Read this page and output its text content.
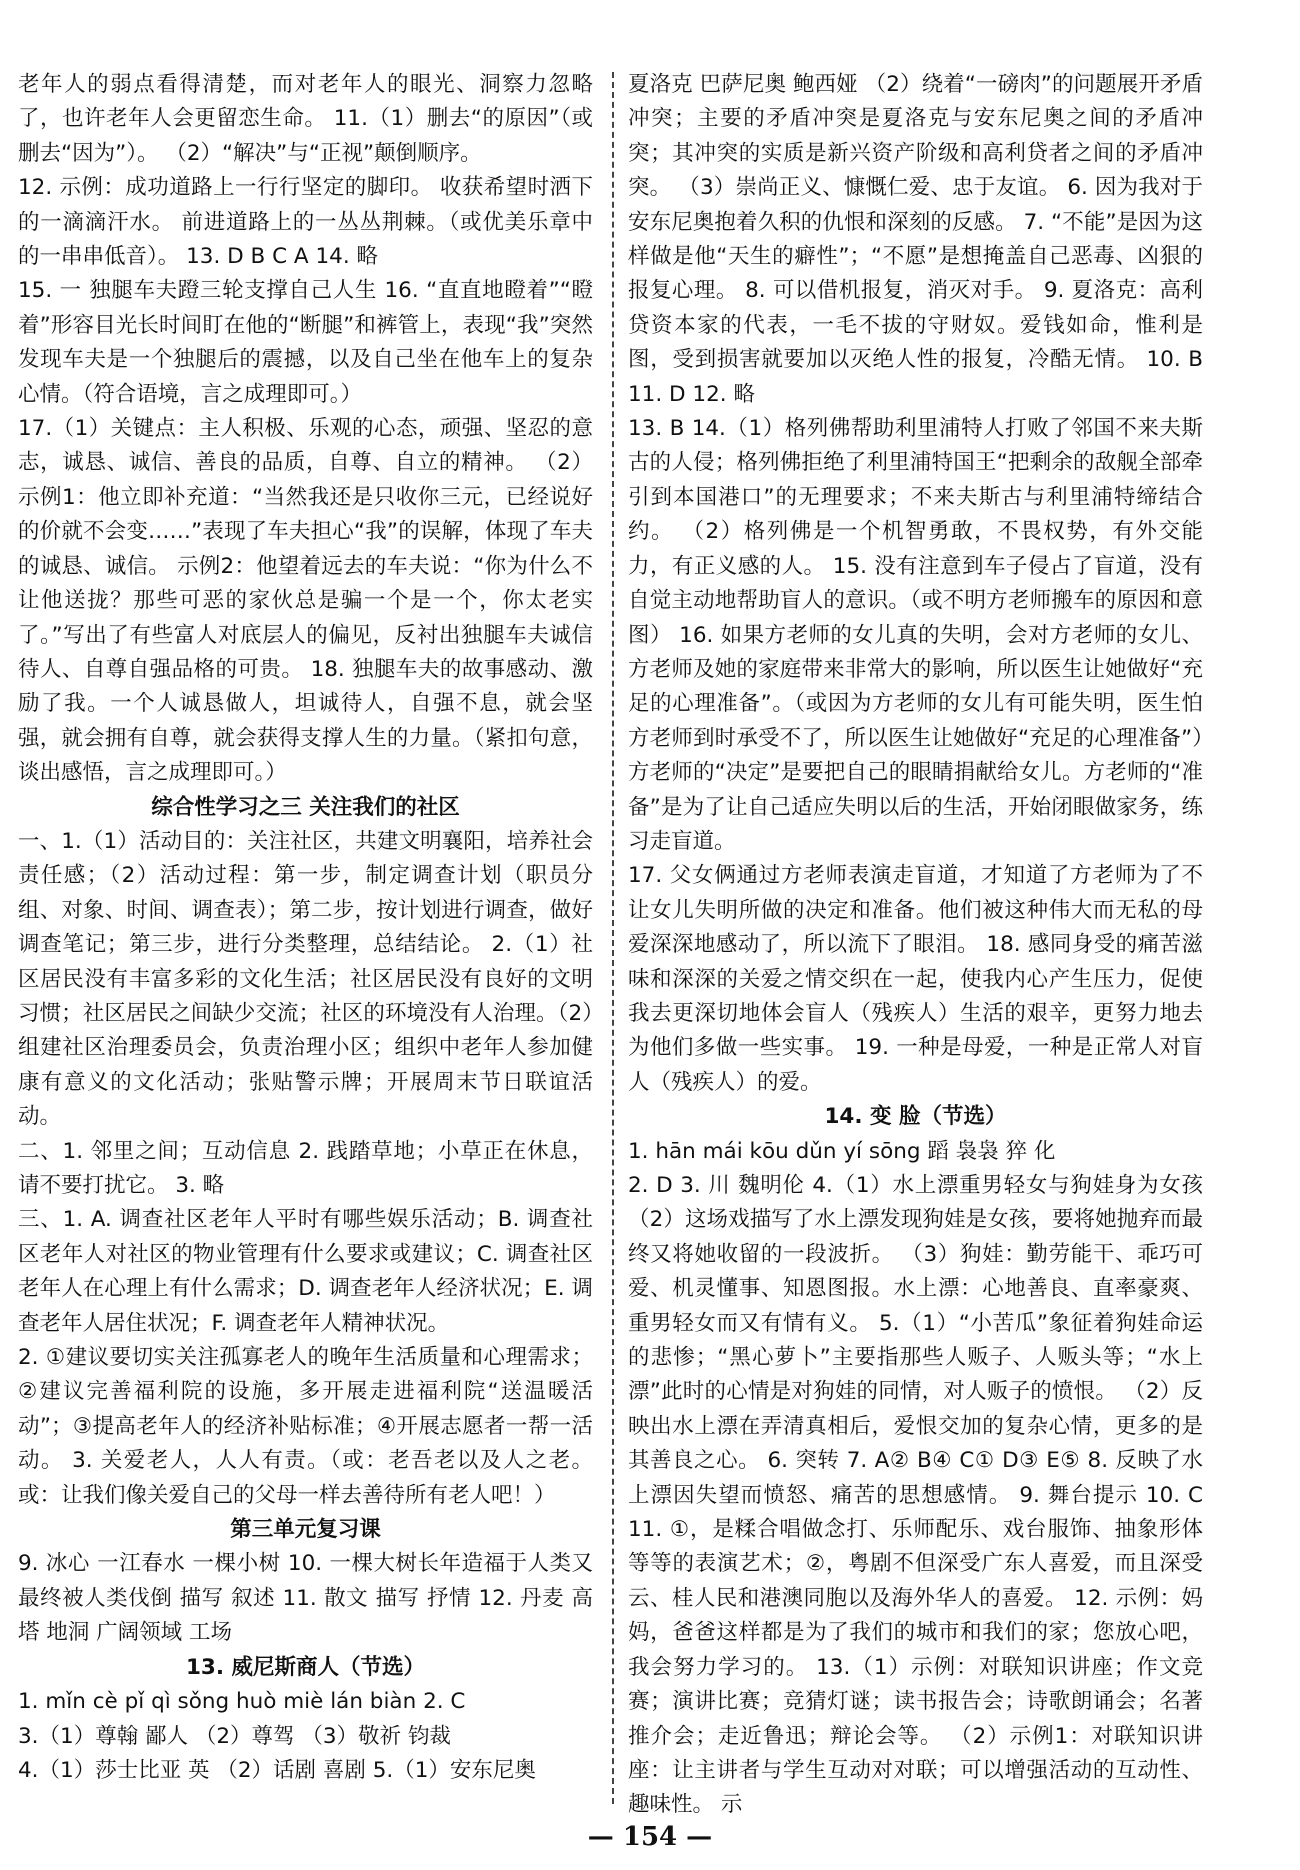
老年人的弱点看得清楚，而对老年人的眼光、洞察力忽略了，也许老年人会更留恋生命。 11.（1）删去“的原因”（或删去“因为”）。 （2）“解决”与“正视”颠倒顺序。

12. 示例：成功道路上一行行坚定的脚印。 收获希望时洒下的一滴滴汗水。 前进道路上的一丛丛荆棘。（或优美乐章中的一串串低音）。 13. D B C A 14. 略

15. 一 独腿车夫蹬三轮支撑自己人生 16. “直直地瞪着”“瞪着”形容目光长时间盯在他的“断腿”和裤管上，表现“我”突然发现车夫是一个独腿后的震撼，以及自己坐在他车上的复杂心情。（符合语境，言之成理即可。）

17.（1）关键点：主人积极、乐观的心态，顽强、坚忍的意志，诚恳、诚信、善良的品质，自尊、自立的精神。 （2）示例1：他立即补充道：“当然我还是只收你三元，已经说好的价就不会变……”表现了车夫担心“我”的误解，体现了车夫的诚恳、诚信。 示例2：他望着远去的车夫说：“你为什么不让他送拢？那些可恶的家伙总是骗一个是一个，你太老实了。”写出了有些富人对底层人的偏见，反衬出独腿车夫诚信待人、自尊自强品格的可贵。 18. 独腿车夫的故事感动、激励了我。一个人诚恳做人，坦诚待人，自强不息，就会坚强，就会拥有自尊，就会获得支撑人生的力量。（紧扣句意，谈出感悟，言之成理即可。）

综合性学习之三 关注我们的社区

一、1.（1）活动目的：关注社区，共建文明襄阳，培养社会责任感；（2）活动过程：第一步，制定调查计划（职员分组、对象、时间、调查表）；第二步，按计划进行调查，做好调查笔记；第三步，进行分类整理，总结结论。 2.（1）社区居民没有丰富多彩的文化生活；社区居民没有良好的文明习惯；社区居民之间缺少交流；社区的环境没有人治理。（2）组建社区治理委员会，负责治理小区；组织中老年人参加健康有意义的文化活动；张贴警示牌；开展周末节日联谊活动。

二、1. 邻里之间；互动信息 2. 践踏草地；小草正在休息，请不要打扰它。 3. 略

三、1. A. 调查社区老年人平时有哪些娱乐活动；B. 调查社区老年人对社区的物业管理有什么要求或建议；C. 调查社区老年人在心理上有什么需求；D. 调查老年人经济状况；E. 调查老年人居住状况；F. 调查老年人精神状况。

2. ①建议要切实关注孤寡老人的晚年生活质量和心理需求；②建议完善福利院的设施，多开展走进福利院“送温暖活动”；③提高老年人的经济补贴标准；④开展志愿者一帮一活动。 3. 关爱老人，人人有责。（或：老吾老以及人之老。或：让我们像关爱自己的父母一样去善待所有老人吧！）

第三单元复习课

9. 冰心 一江春水 一棵小树 10. 一棵大树长年造福于人类又最终被人类伐倒 描写 叙述 11. 散文 描写 抒情 12. 丹麦 高塔 地洞 广阔领域 工场

13. 威尼斯商人（节选）

1. mǐn cè pǐ qì sǒng huò miè lán biàn 2. C

3.（1）尊翰 鄙人 （2）尊驾 （3）敬祈 钧裁

4.（1）莎士比亚 英 （2）话剧 喜剧 5.（1）安东尼奥

夏洛克 巴萨尼奥 鲍西娅 （2）绕着“一磅肉”的问题展开矛盾冲突；主要的矛盾冲突是夏洛克与安东尼奥之间的矛盾冲突；其冲突的实质是新兴资产阶级和高利贷者之间的矛盾冲突。 （3）崇尚正义、慷慨仁爱、忠于友谊。 6. 因为我对于安东尼奥抱着久积的仇恨和深刻的反感。 7. “不能”是因为这样做是他“天生的癖性”；“不愿”是想掩盖自己恶毒、凶狠的报复心理。 8. 可以借机报复，消灭对手。 9. 夏洛克：高利贷资本家的代表，一毛不拔的守财奴。爱钱如命，惟利是图，受到损害就要加以灭绝人性的报复，冷酷无情。 10. B 11. D 12. 略

13. B 14.（1）格列佛帮助利里浦特人打败了邻国不来夫斯古的人侵；格列佛拒绝了利里浦特国王“把剩余的敌舰全部牵引到本国港口”的无理要求；不来夫斯古与利里浦特缔结合约。 （2）格列佛是一个机智勇敢，不畏权势，有外交能力，有正义感的人。 15. 没有注意到车子侵占了盲道，没有自觉主动地帮助盲人的意识。（或不明方老师搬车的原因和意图） 16. 如果方老师的女儿真的失明，会对方老师的女儿、方老师及她的家庭带来非常大的影响，所以医生让她做好“充足的心理准备”。（或因为方老师的女儿有可能失明，医生怕方老师到时承受不了，所以医生让她做好“充足的心理准备”）方老师的“决定”是要把自己的眼睛捐献给女儿。方老师的“准备”是为了让自己适应失明以后的生活，开始闭眼做家务，练习走盲道。

17. 父女俩通过方老师表演走盲道，才知道了方老师为了不让女儿失明所做的决定和准备。他们被这种伟大而无私的母爱深深地感动了，所以流下了眼泪。 18. 感同身受的痛苦滋味和深深的关爱之情交织在一起，使我内心产生压力，促使我去更深切地体会盲人（残疾人）生活的艰辛，更努力地去为他们多做一些实事。 19. 一种是母爱，一种是正常人对盲人（残疾人）的爱。

14. 变 脸（节选）

1. hān mái kōu dǔn yí sōng 蹈 袅袅 猝 化

2. D 3. 川 魏明伦 4.（1）水上漂重男轻女与狗娃身为女孩 （2）这场戏描写了水上漂发现狗娃是女孩，要将她抛弃而最终又将她收留的一段波折。 （3）狗娃：勤劳能干、乖巧可爱、机灵懂事、知恩图报。水上漂：心地善良、直率豪爽、重男轻女而又有情有义。 5.（1）“小苦瓜”象征着狗娃命运的悲惨；“黑心萝卜”主要指那些人贩子、人贩头等；“水上漂”此时的心情是对狗娃的同情，对人贩子的愤恨。 （2）反映出水上漂在弄清真相后，爱恨交加的复杂心情，更多的是其善良之心。 6. 突转 7. A② B④ C① D③ E⑤ 8. 反映了水上漂因失望而愤怒、痛苦的思想感情。 9. 舞台提示 10. C 11. ①，是糅合唱做念打、乐师配乐、戏台服饰、抽象形体等等的表演艺术；②，粤剧不但深受广东人喜爱，而且深受云、桂人民和港澳同胞以及海外华人的喜爱。 12. 示例：妈妈，爸爸这样都是为了我们的城市和我们的家；您放心吧，我会努力学习的。 13.（1）示例：对联知识讲座；作文竞赛；演讲比赛；竞猜灯谜；读书报告会；诗歌朗诵会；名著推介会；走近鲁迅；辩论会等。 （2）示例1：对联知识讲座：让主讲者与学生互动对对联；可以增强活动的互动性、趣味性。 示

— 154 —
